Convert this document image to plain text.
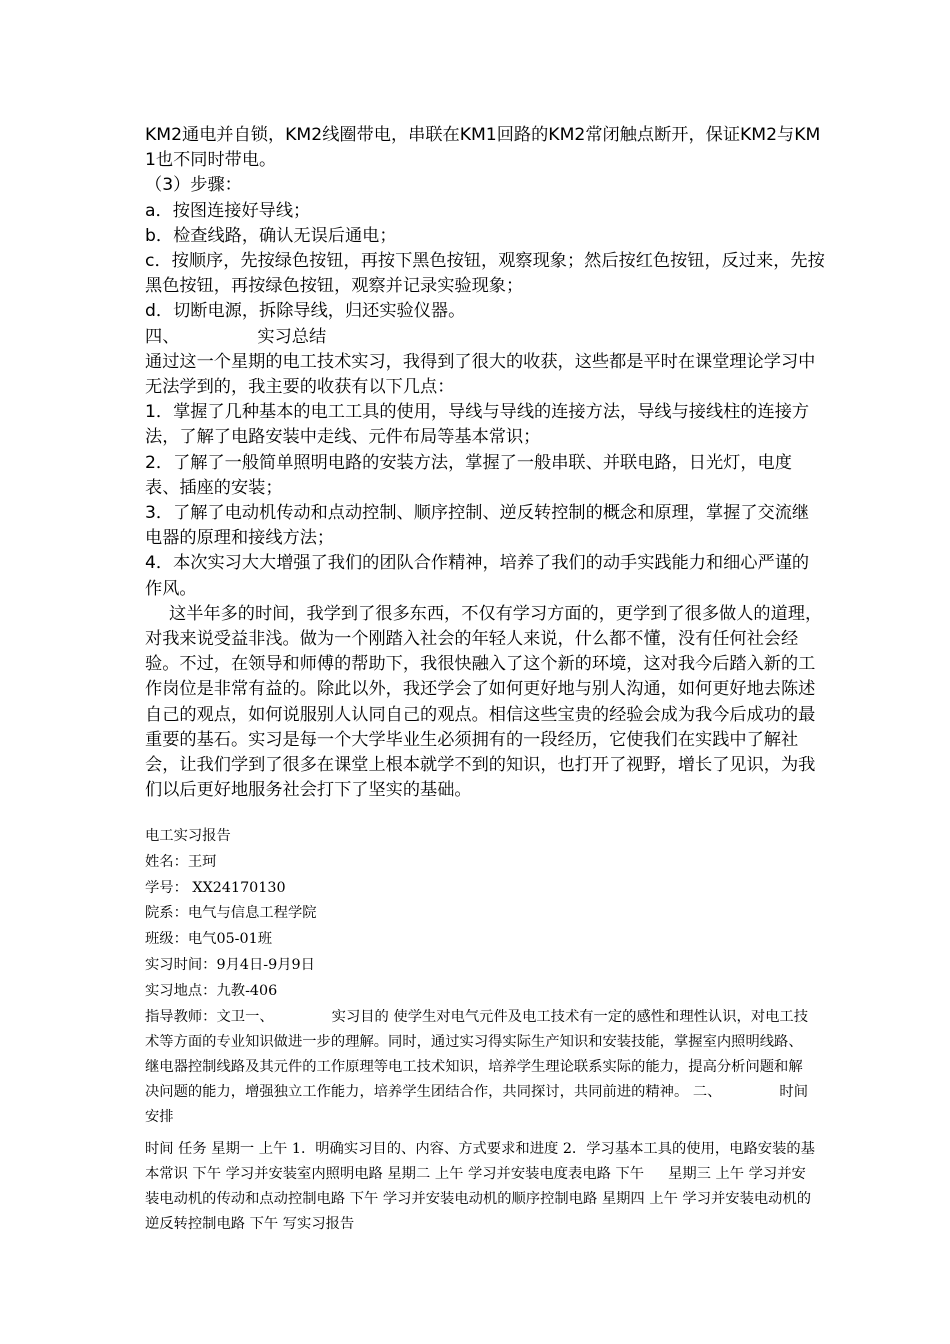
KM2通电并自锁，KM2线圈带电，串联在KM1回路的KM2常闭触点断开，保证KM2与KM1也不同时带电。

（3）步骤：

a．按图连接好导线；

b．检查线路，确认无误后通电；

c．按顺序，先按绿色按钮，再按下黑色按钮，观察现象；然后按红色按钮，反过来，先按黑色按钮，再按绿色按钮，观察并记录实验现象；

d．切断电源，拆除导线，归还实验仪器。

四、	实习总结

通过这一个星期的电工技术实习，我得到了很大的收获，这些都是平时在课堂理论学习中无法学到的，我主要的收获有以下几点：

1．掌握了几种基本的电工工具的使用，导线与导线的连接方法，导线与接线柱的连接方法，了解了电路安装中走线、元件布局等基本常识；

2．了解了一般简单照明电路的安装方法，掌握了一般串联、并联电路，日光灯，电度表、插座的安装；

3．了解了电动机传动和点动控制、顺序控制、逆反转控制的概念和原理，掌握了交流继电器的原理和接线方法；

4．本次实习大大增强了我们的团队合作精神，培养了我们的动手实践能力和细心严谨的作风。

这半年多的时间，我学到了很多东西，不仅有学习方面的，更学到了很多做人的道理，对我来说受益非浅。做为一个刚踏入社会的年轻人来说，什么都不懂，没有任何社会经验。不过，在领导和师傅的帮助下，我很快融入了这个新的环境，这对我今后踏入新的工作岗位是非常有益的。除此以外，我还学会了如何更好地与别人沟通，如何更好地去陈述自己的观点，如何说服别人认同自己的观点。相信这些宝贵的经验会成为我今后成功的最重要的基石。实习是每一个大学毕业生必须拥有的一段经历，它使我们在实践中了解社会，让我们学到了很多在课堂上根本就学不到的知识，也打开了视野，增长了见识，为我们以后更好地服务社会打下了坚实的基础。

电工实习报告

姓名：王珂

学号： XX24170130

院系：电气与信息工程学院

班级：电气05-01班

实习时间：9月4日-9月9日

实习地点：九教-406

指导教师：文卫一、	实习目的 使学生对电气元件及电工技术有一定的感性和理性认识，对电工技术等方面的专业知识做进一步的理解。同时，通过实习得实际生产知识和安装技能，掌握室内照明线路、继电器控制线路及其元件的工作原理等电工技术知识，培养学生理论联系实际的能力，提高分析问题和解决问题的能力，增强独立工作能力，培养学生团结合作，共同探讨，共同前进的精神。 二、	时间安排

时间 任务 星期一 上午 1．明确实习目的、内容、方式要求和进度 2．学习基本工具的使用，电路安装的基本常识 下午 学习并安装室内照明电路 星期二 上午 学习并安装电度表电路 下午 星期三 上午 学习并安装电动机的传动和点动控制电路 下午 学习并安装电动机的顺序控制电路 星期四 上午 学习并安装电动机的逆反转控制电路 下午 写实习报告
